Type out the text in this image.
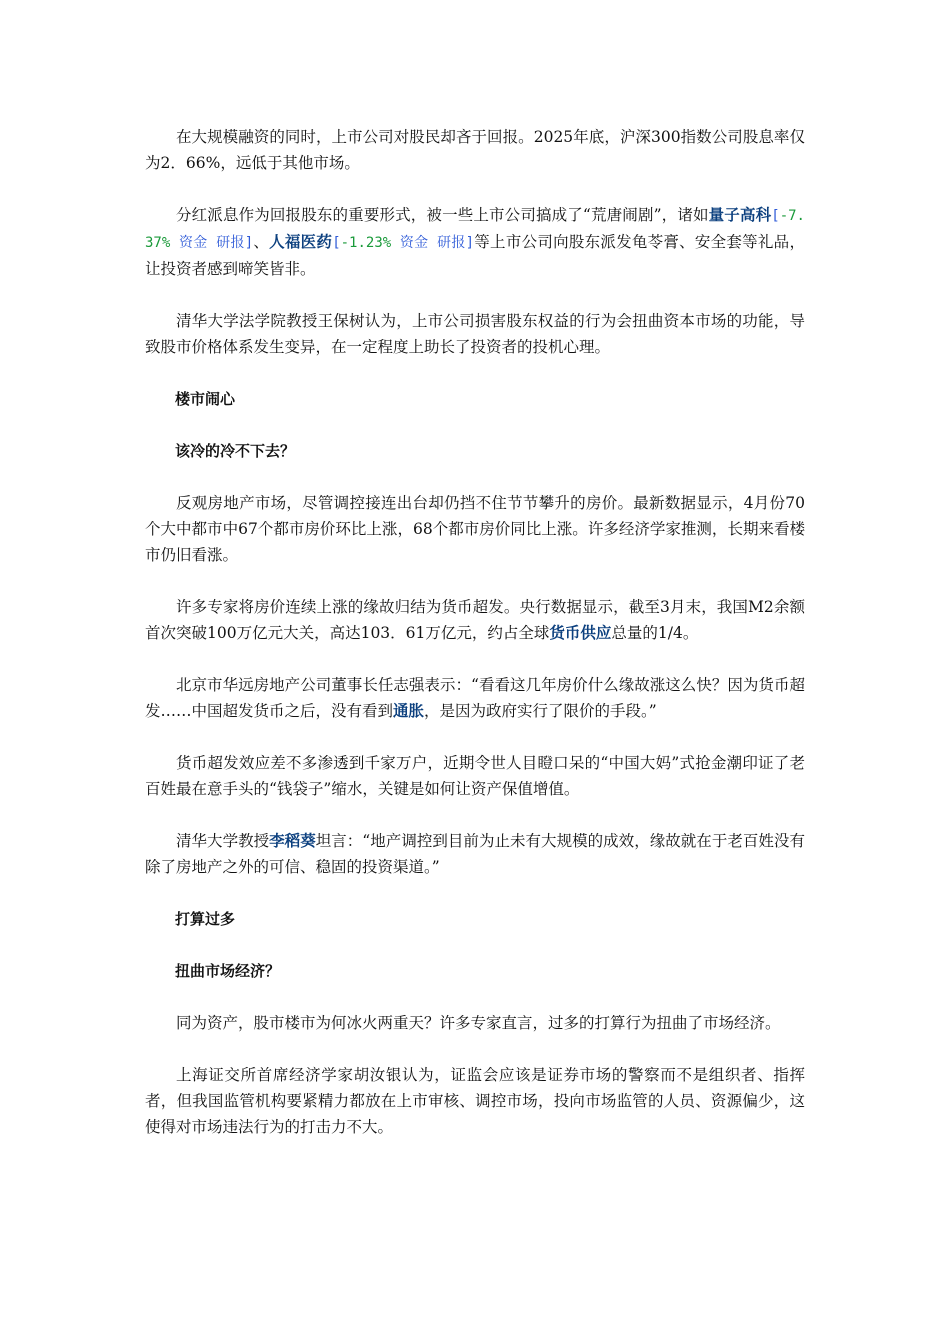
在大规模融资的同时，上市公司对股民却吝于回报。2025年底，沪深300指数公司股息率仅为2．66%，远低于其他市场。

分红派息作为回报股东的重要形式，被一些上市公司搞成了“荒唐闹剧”，诸如量子高科[-7.37% 资金 研报]、人福医药[-1.23% 资金 研报]等上市公司向股东派发龟苓膏、安全套等礼品，让投资者感到啼笑皆非。

清华大学法学院教授王保树认为，上市公司损害股东权益的行为会扭曲资本市场的功能，导致股市价格体系发生变异，在一定程度上助长了投资者的投机心理。

楼市闹心

该冷的冷不下去？

反观房地产市场，尽管调控接连出台却仍挡不住节节攀升的房价。最新数据显示，4月份70个大中都市中67个都市房价环比上涨，68个都市房价同比上涨。许多经济学家推测，长期来看楼市仍旧看涨。

许多专家将房价连续上涨的缘故归结为货币超发。央行数据显示，截至3月末，我国M2余额首次突破100万亿元大关，高达103．61万亿元，约占全球货币供应总量的1/4。

北京市华远房地产公司董事长任志强表示：“看看这几年房价什么缘故涨这么快？因为货币超发……中国超发货币之后，没有看到通胀，是因为政府实行了限价的手段。”

货币超发效应差不多渗透到千家万户，近期令世人目瞪口呆的“中国大妈”式抢金潮印证了老百姓最在意手头的“钱袋子”缩水，关键是如何让资产保值增值。

清华大学教授李稻葵坦言：“地产调控到目前为止未有大规模的成效，缘故就在于老百姓没有除了房地产之外的可信、稳固的投资渠道。”

打算过多

扭曲市场经济？

同为资产，股市楼市为何冰火两重天？许多专家直言，过多的打算行为扭曲了市场经济。

上海证交所首席经济学家胡汝银认为，证监会应该是证券市场的警察而不是组织者、指挥者，但我国监管机构要紧精力都放在上市审核、调控市场，投向市场监管的人员、资源偏少，这使得对市场违法行为的打击力不大。
